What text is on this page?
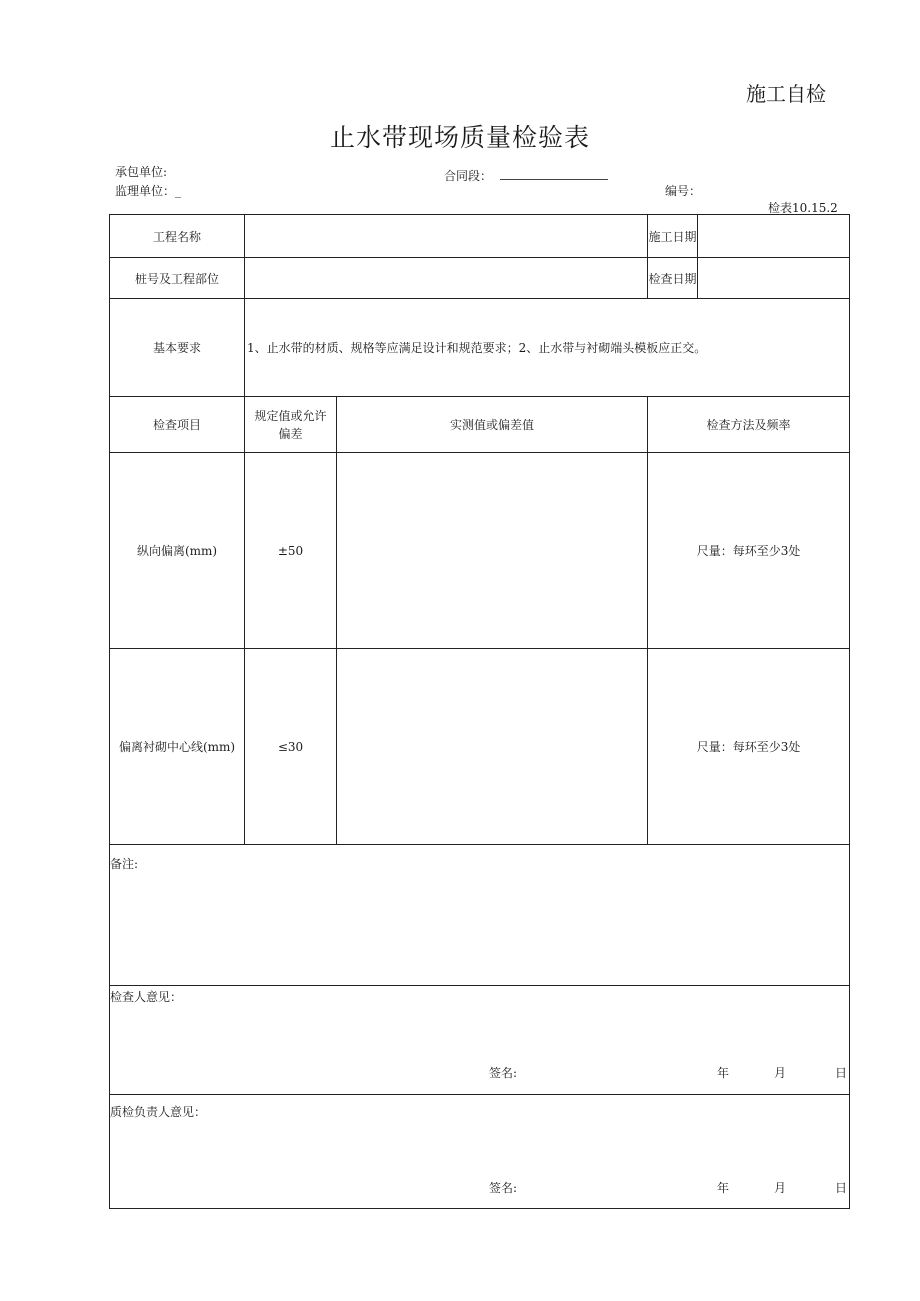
施工自检
止水带现场质量检验表
承包单位:	合同段：
监理单位：_	编号：
检表10.15.2
工程名称			施工日期	
桩号及工程部位			检查日期	
基本要求	1、止水带的材质、规格等应满足设计和规范要求；2、止水带与衬砌端头模板应正交。			
检查项目	规定值或允许偏差	实测值或偏差值	检查方法及频率	
纵向偏离(mm)	±50		尺量：每环至少3处	
偏离衬砌中心线(mm)	≤30		尺量：每环至少3处	
备注:				

检查人意见：
签名: 年 月 日				

质检负责人意见：
签名: 年 月 日				
